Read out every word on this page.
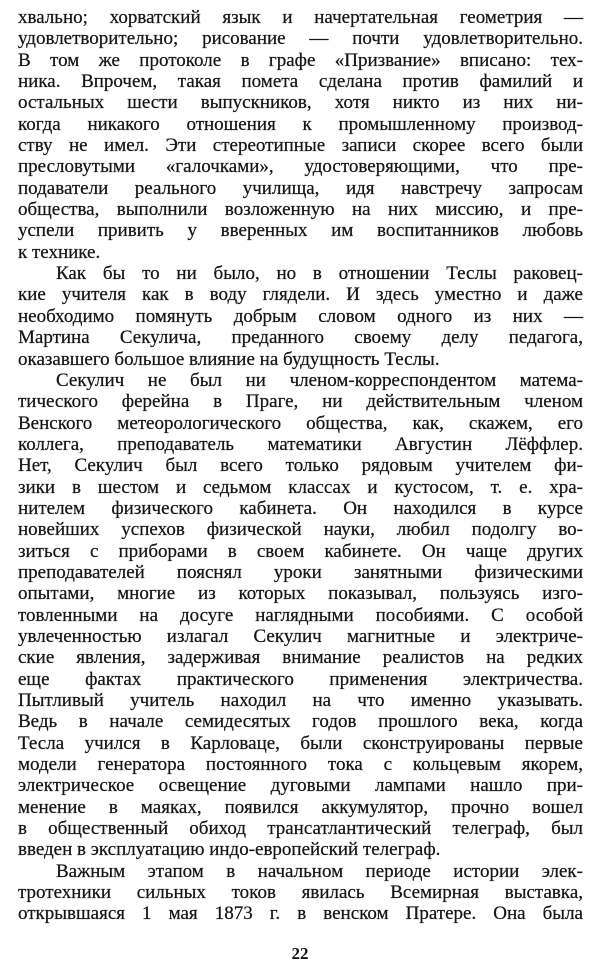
хвально; хорватский язык и начертательная геометрия —
удовлетворительно; рисование — почти удовлетворительно.
В том же протоколе в графе «Призвание» вписано: тех-
ника. Впрочем, такая помета сделана против фамилий и
остальных шести выпускников, хотя никто из них ни-
когда никакого отношения к промышленному производ-
ству не имел. Эти стереотипные записи скорее всего были
пресловутыми «галочками», удостоверяющими, что пре-
подаватели реального училища, идя навстречу запросам
общества, выполнили возложенную на них миссию, и пре-
успели привить у вверенных им воспитанников любовь
к технике.
Как бы то ни было, но в отношении Теслы раковец-
кие учителя как в воду глядели. И здесь уместно и даже
необходимо помянуть добрым словом одного из них —
Мартина Секулича, преданного своему делу педагога,
оказавшего большое влияние на будущность Теслы.
Секулич не был ни членом-корреспондентом матема-
тического ферейна в Праге, ни действительным членом
Венского метеорологического общества, как, скажем, его
коллега, преподаватель математики Августин Лёффлер.
Нет, Секулич был всего только рядовым учителем фи-
зики в шестом и седьмом классах и кустосом, т. е. хра-
нителем физического кабинета. Он находился в курсе
новейших успехов физической науки, любил подолгу во-
зиться с приборами в своем кабинете. Он чаще других
преподавателей пояснял уроки занятными физическими
опытами, многие из которых показывал, пользуясь изго-
товленными на досуге наглядными пособиями. С особой
увлеченностью излагал Секулич магнитные и электриче-
ские явления, задерживая внимание реалистов на редких
еще фактах практического применения электричества.
Пытливый учитель находил на что именно указывать.
Ведь в начале семидесятых годов прошлого века, когда
Тесла учился в Карловаце, были сконструированы первые
модели генератора постоянного тока с кольцевым якорем,
электрическое освещение дуговыми лампами нашло при-
менение в маяках, появился аккумулятор, прочно вошел
в общественный обиход трансатлантический телеграф, был
введен в эксплуатацию индо-европейский телеграф.
Важным этапом в начальном периоде истории элек-
тротехники сильных токов явилась Всемирная выставка,
открывшаяся 1 мая 1873 г. в венском Пратере. Она была
22
